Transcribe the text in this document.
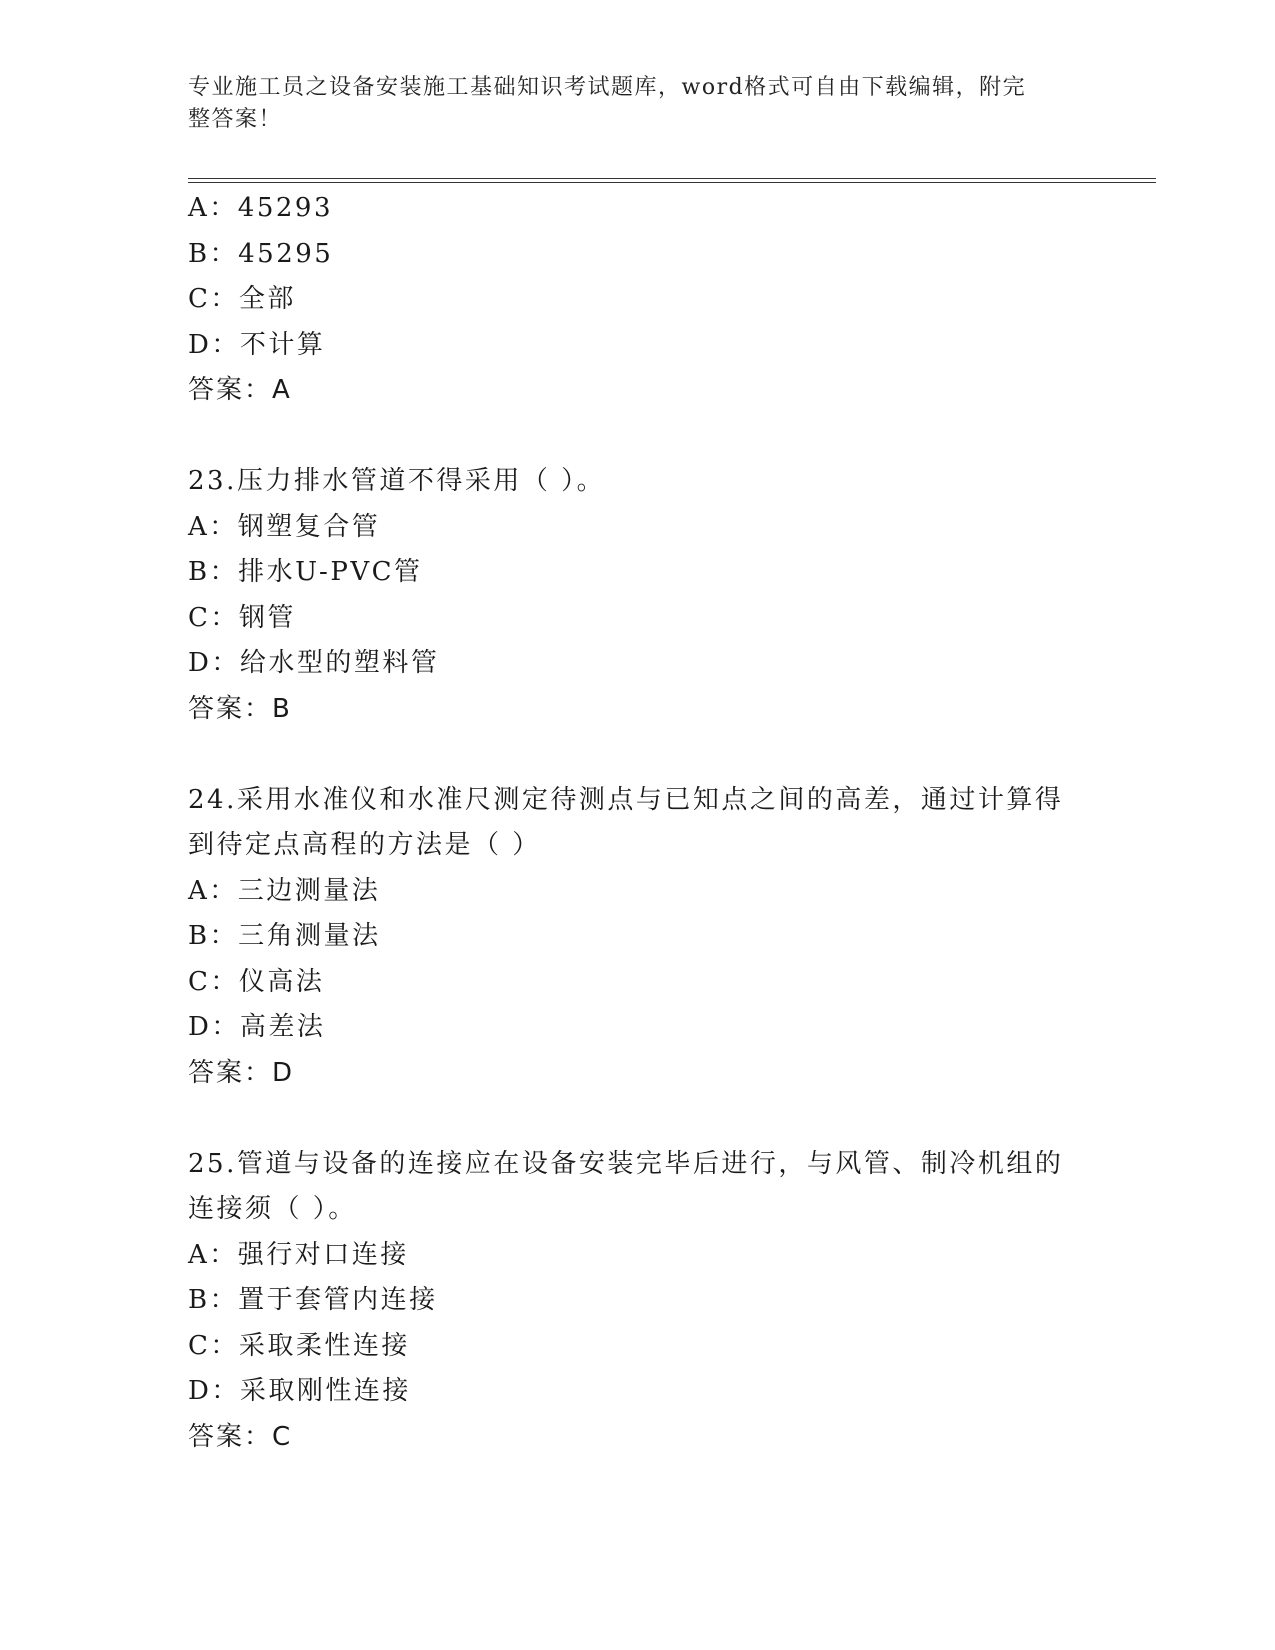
专业施工员之设备安装施工基础知识考试题库，word格式可自由下载编辑，附完
整答案！
A：45293
B：45295
C：全部
D：不计算
答案：A
23.压力排水管道不得采用（ ）。
A：钢塑复合管
B：排水U-PVC管
C：钢管
D：给水型的塑料管
答案：B
24.采用水准仪和水准尺测定待测点与已知点之间的高差，通过计算得
到待定点高程的方法是（ ）
A：三边测量法
B：三角测量法
C：仪高法
D：高差法
答案：D
25.管道与设备的连接应在设备安装完毕后进行，与风管、制冷机组的
连接须（ ）。
A：强行对口连接
B：置于套管内连接
C：采取柔性连接
D：采取刚性连接
答案：C
